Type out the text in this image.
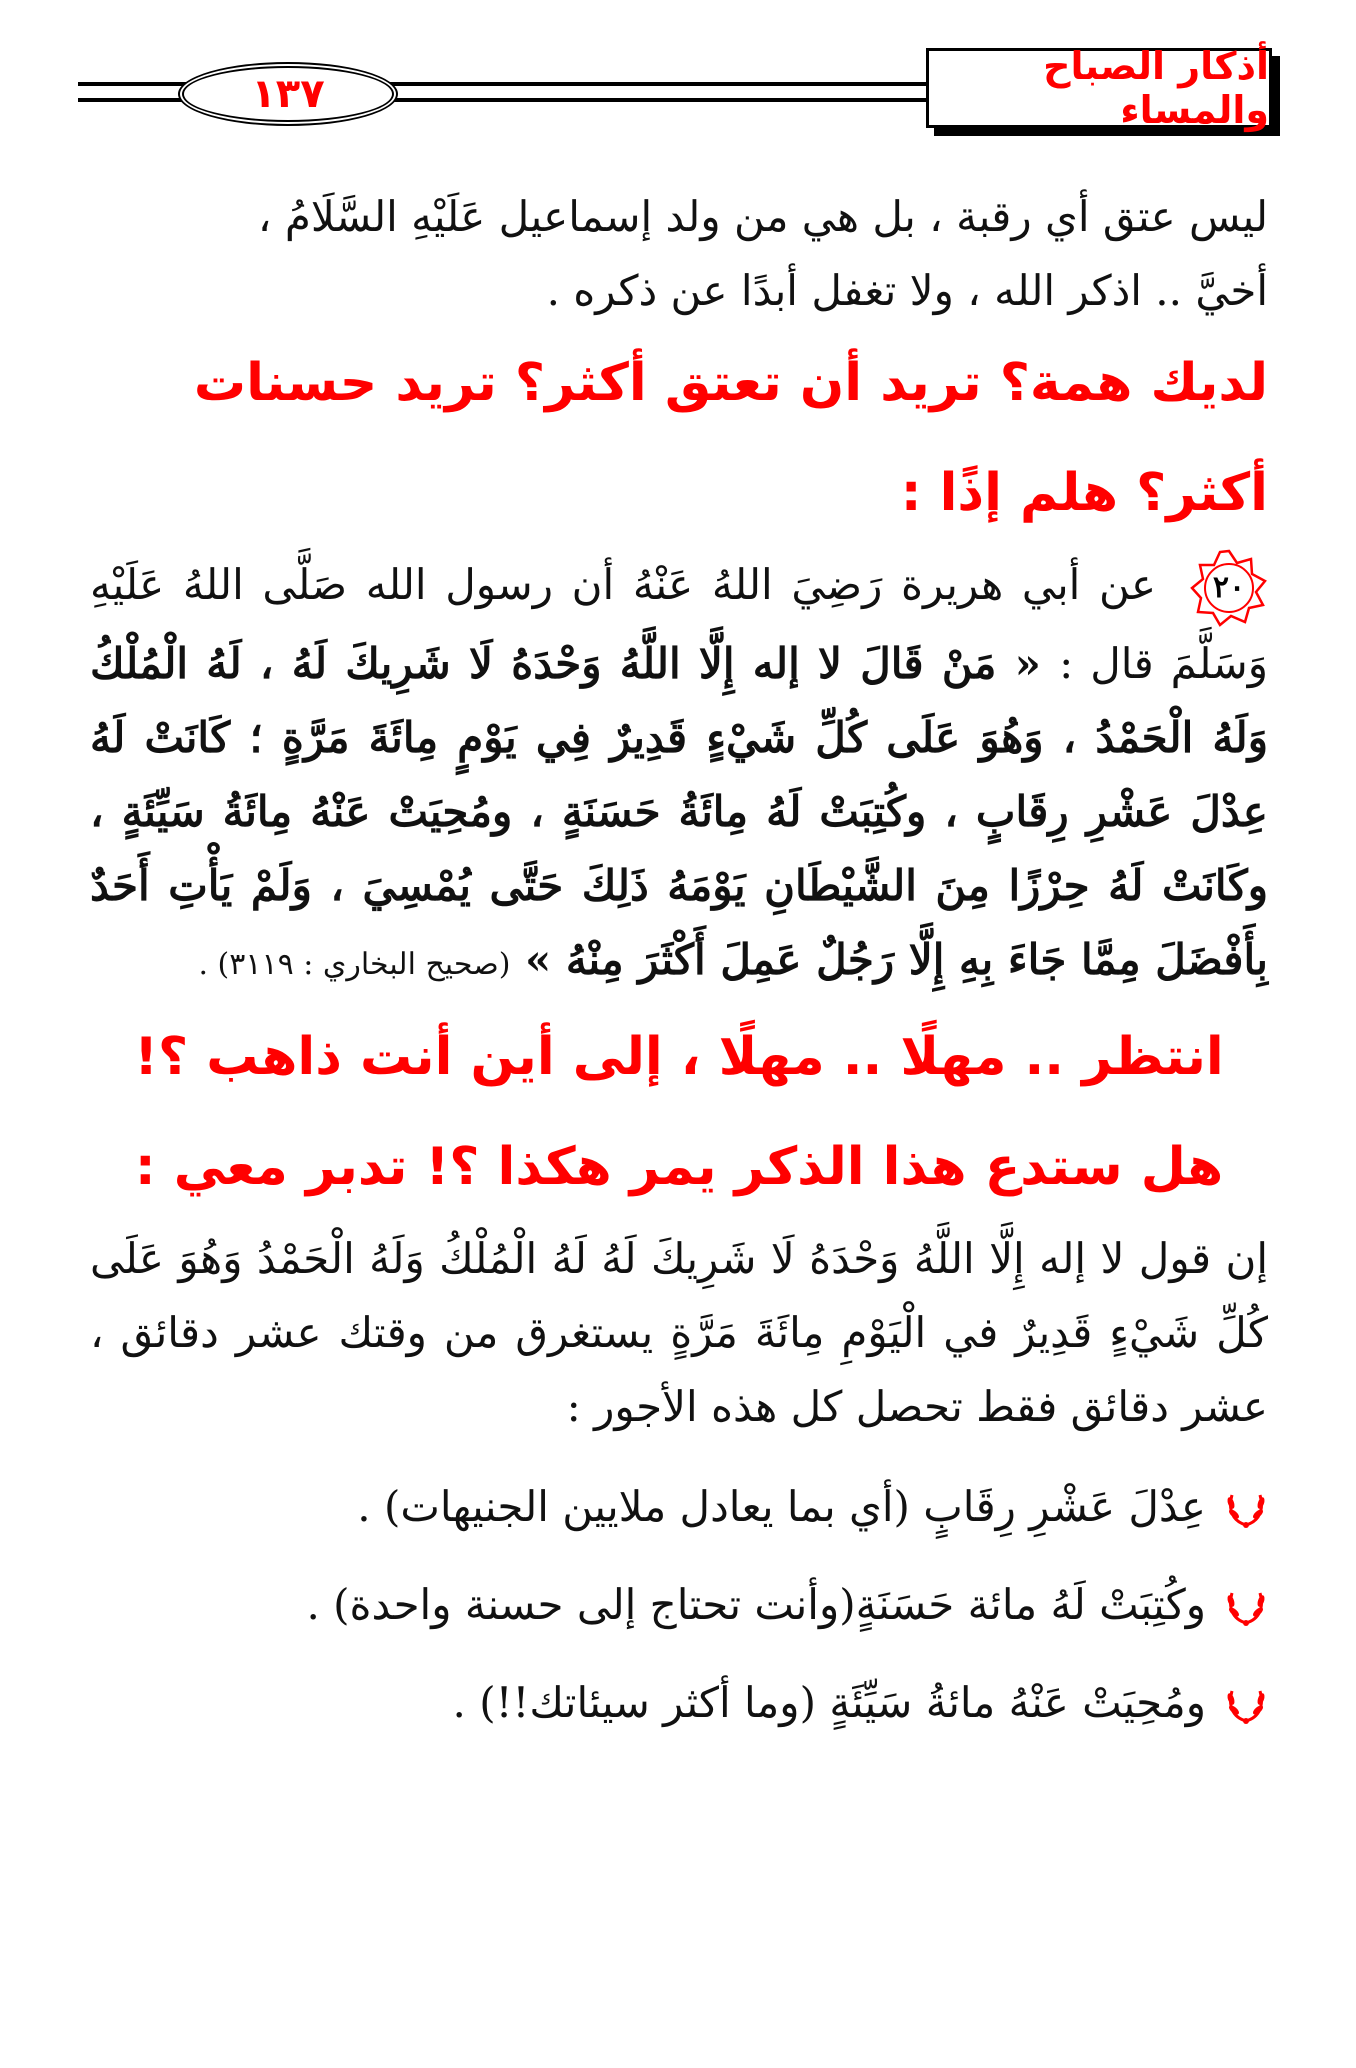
١٣٧
أذكار الصباح والمساء

ليس عتق أي رقبة ، بل هي من ولد إسماعيل عَلَيْهِ السَّلَامُ ،

أخيَّ .. اذكر الله ، ولا تغفل أبدًا عن ذكره .

لديك همة؟ تريد أن تعتق أكثر؟ تريد حسنات أكثر؟ هلم إذًا :

٢٠
عن أبي هريرة رَضِيَ اللهُ عَنْهُ أن رسول الله صَلَّى اللهُ عَلَيْهِ وَسَلَّمَ قال : « مَنْ قَالَ لا إله إِلَّا اللَّهُ وَحْدَهُ لَا شَرِيكَ لَهُ ، لَهُ الْمُلْكُ وَلَهُ الْحَمْدُ ، وَهُوَ عَلَى كُلِّ شَيْءٍ قَدِيرٌ فِي يَوْمٍ مِائَةَ مَرَّةٍ ؛ كَانَتْ لَهُ عِدْلَ عَشْرِ رِقَابٍ ، وكُتِبَتْ لَهُ مِائَةُ حَسَنَةٍ ، ومُحِيَتْ عَنْهُ مِائَةُ سَيِّئَةٍ ، وكَانَتْ لَهُ حِرْزًا مِنَ الشَّيْطَانِ يَوْمَهُ ذَلِكَ حَتَّى يُمْسِيَ ، وَلَمْ يَأْتِ أَحَدٌ بِأَفْضَلَ مِمَّا جَاءَ بِهِ إِلَّا رَجُلٌ عَمِلَ أَكْثَرَ مِنْهُ » (صحيح البخاري : ٣١١٩) .

انتظر .. مهلًا .. مهلًا ، إلى أين أنت ذاهب ؟!

هل ستدع هذا الذكر يمر هكذا ؟! تدبر معي :

إن قول لا إله إِلَّا اللَّهُ وَحْدَهُ لَا شَرِيكَ لَهُ لَهُ الْمُلْكُ وَلَهُ الْحَمْدُ وَهُوَ عَلَى كُلِّ شَيْءٍ قَدِيرٌ في الْيَوْمِ مِائَةَ مَرَّةٍ يستغرق من وقتك عشر دقائق ، عشر دقائق فقط تحصل كل هذه الأجور :

عِدْلَ عَشْرِ رِقَابٍ (أي بما يعادل ملايين الجنيهات) .
وكُتِبَتْ لَهُ مائة حَسَنَةٍ(وأنت تحتاج إلى حسنة واحدة) .
ومُحِيَتْ عَنْهُ مائةُ سَيِّئَةٍ (وما أكثر سيئاتك!!) .
